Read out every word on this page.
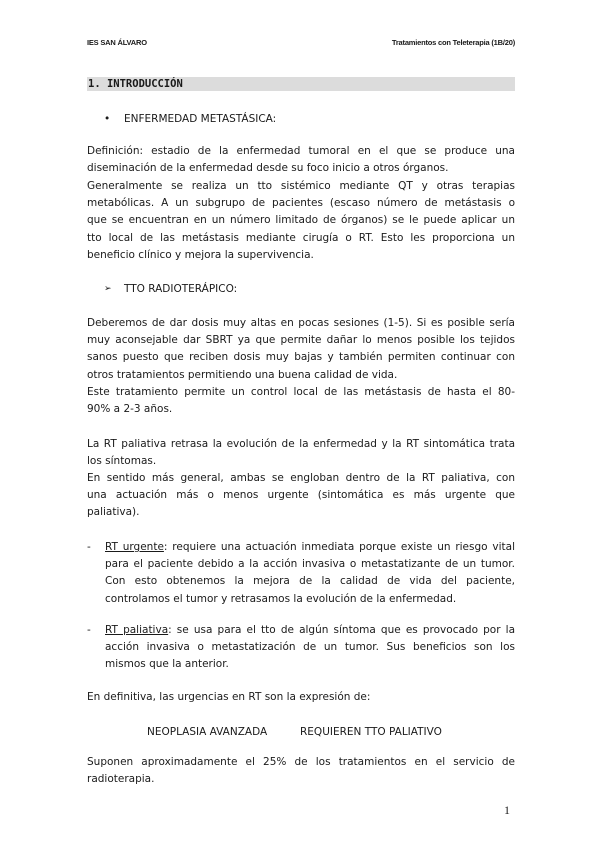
IES SAN ÁLVARO	Tratamientos con Teleterapia (1B/20)
1. INTRODUCCIÓN
• ENFERMEDAD METASTÁSICA:
Definición: estadio de la enfermedad tumoral en el que se produce una
diseminación de la enfermedad desde su foco inicio a otros órganos.
Generalmente se realiza un tto sistémico mediante QT y otras terapias
metabólicas. A un subgrupo de pacientes (escaso número de metástasis o
que se encuentran en un número limitado de órganos) se le puede aplicar un
tto local de las metástasis mediante cirugía o RT. Esto les proporciona un
beneficio clínico y mejora la supervivencia.
➢ TTO RADIOTERÁPICO:
Deberemos de dar dosis muy altas en pocas sesiones (1-5). Si es posible sería
muy aconsejable dar SBRT ya que permite dañar lo menos posible los tejidos
sanos puesto que reciben dosis muy bajas y también permiten continuar con
otros tratamientos permitiendo una buena calidad de vida.
Este tratamiento permite un control local de las metástasis de hasta el 80-
90% a 2-3 años.
La RT paliativa retrasa la evolución de la enfermedad y la RT sintomática trata
los síntomas.
En sentido más general, ambas se engloban dentro de la RT paliativa, con
una actuación más o menos urgente (sintomática es más urgente que
paliativa).
- RT urgente: requiere una actuación inmediata porque existe un riesgo vital
para el paciente debido a la acción invasiva o metastatizante de un tumor.
Con esto obtenemos la mejora de la calidad de vida del paciente,
controlamos el tumor y retrasamos la evolución de la enfermedad.
- RT paliativa: se usa para el tto de algún síntoma que es provocado por la
acción invasiva o metastatización de un tumor. Sus beneficios son los
mismos que la anterior.
En definitiva, las urgencias en RT son la expresión de:
NEOPLASIA AVANZADA	REQUIEREN TTO PALIATIVO
Suponen aproximadamente el 25% de los tratamientos en el servicio de
radioterapia.
1
